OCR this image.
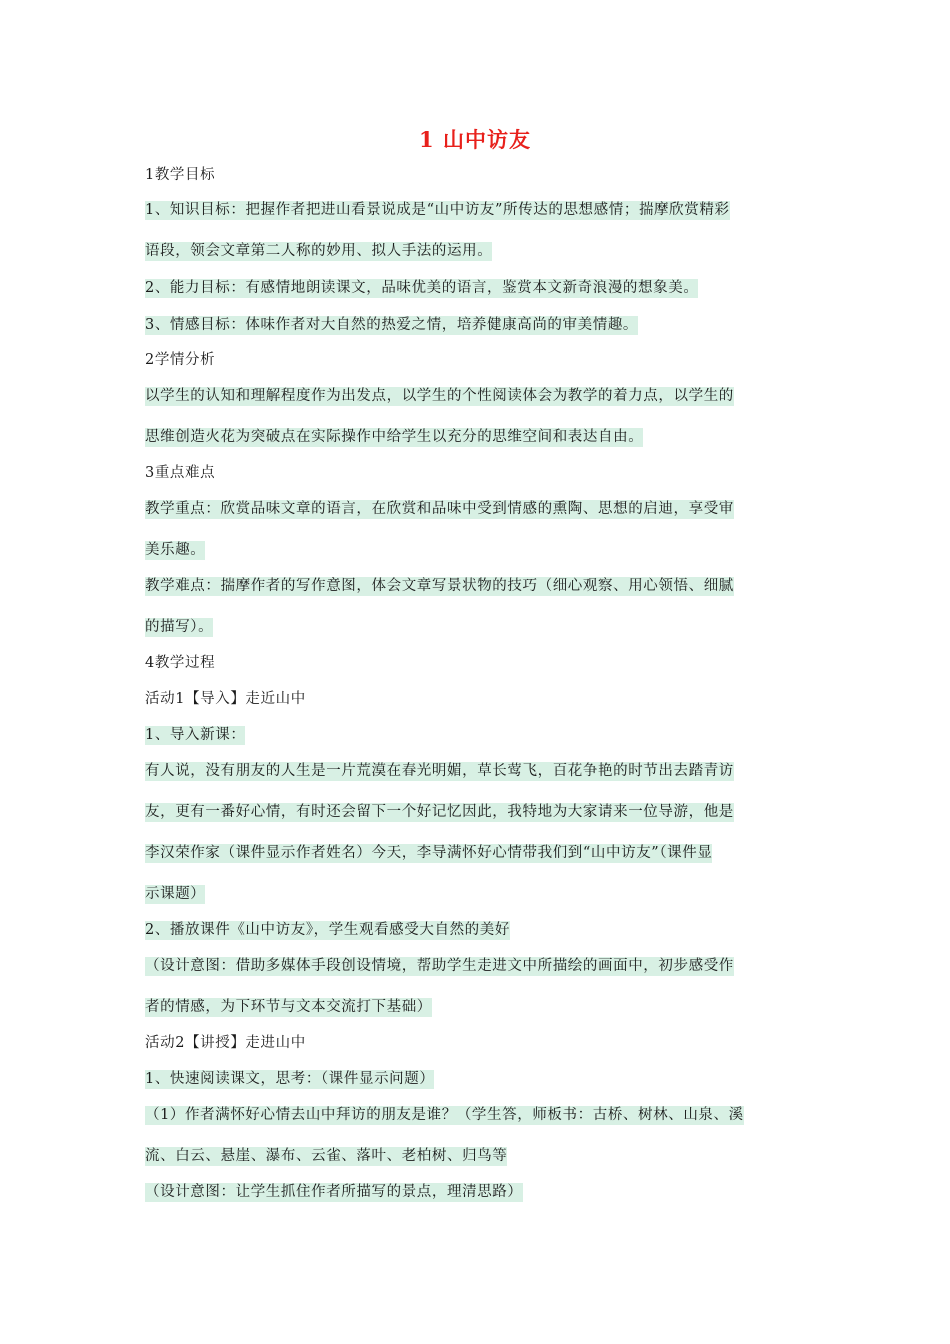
1 山中访友
1教学目标
1、知识目标：把握作者把进山看景说成是“山中访友”所传达的思想感情；揣摩欣赏精彩
语段，领会文章第二人称的妙用、拟人手法的运用。
2、能力目标：有感情地朗读课文，品味优美的语言，鉴赏本文新奇浪漫的想象美。
3、情感目标：体味作者对大自然的热爱之情，培养健康高尚的审美情趣。
2学情分析
以学生的认知和理解程度作为出发点，以学生的个性阅读体会为教学的着力点，以学生的
思维创造火花为突破点在实际操作中给学生以充分的思维空间和表达自由。
3重点难点
教学重点：欣赏品味文章的语言，在欣赏和品味中受到情感的熏陶、思想的启迪，享受审
美乐趣。
教学难点：揣摩作者的写作意图，体会文章写景状物的技巧（细心观察、用心领悟、细腻
的描写）。
4教学过程
活动1【导入】走近山中
1、导入新课：
有人说，没有朋友的人生是一片荒漠在春光明媚，草长莺飞，百花争艳的时节出去踏青访
友，更有一番好心情，有时还会留下一个好记忆因此，我特地为大家请来一位导游，他是
李汉荣作家（课件显示作者姓名）今天，李导满怀好心情带我们到“山中访友”（课件显
示课题）
2、播放课件《山中访友》，学生观看感受大自然的美好
（设计意图：借助多媒体手段创设情境，帮助学生走进文中所描绘的画面中，初步感受作
者的情感，为下环节与文本交流打下基础）
活动2【讲授】走进山中
1、快速阅读课文，思考：（课件显示问题）
（1）作者满怀好心情去山中拜访的朋友是谁？（学生答，师板书：古桥、树林、山泉、溪
流、白云、悬崖、瀑布、云雀、落叶、老柏树、归鸟等
（设计意图：让学生抓住作者所描写的景点，理清思路）
